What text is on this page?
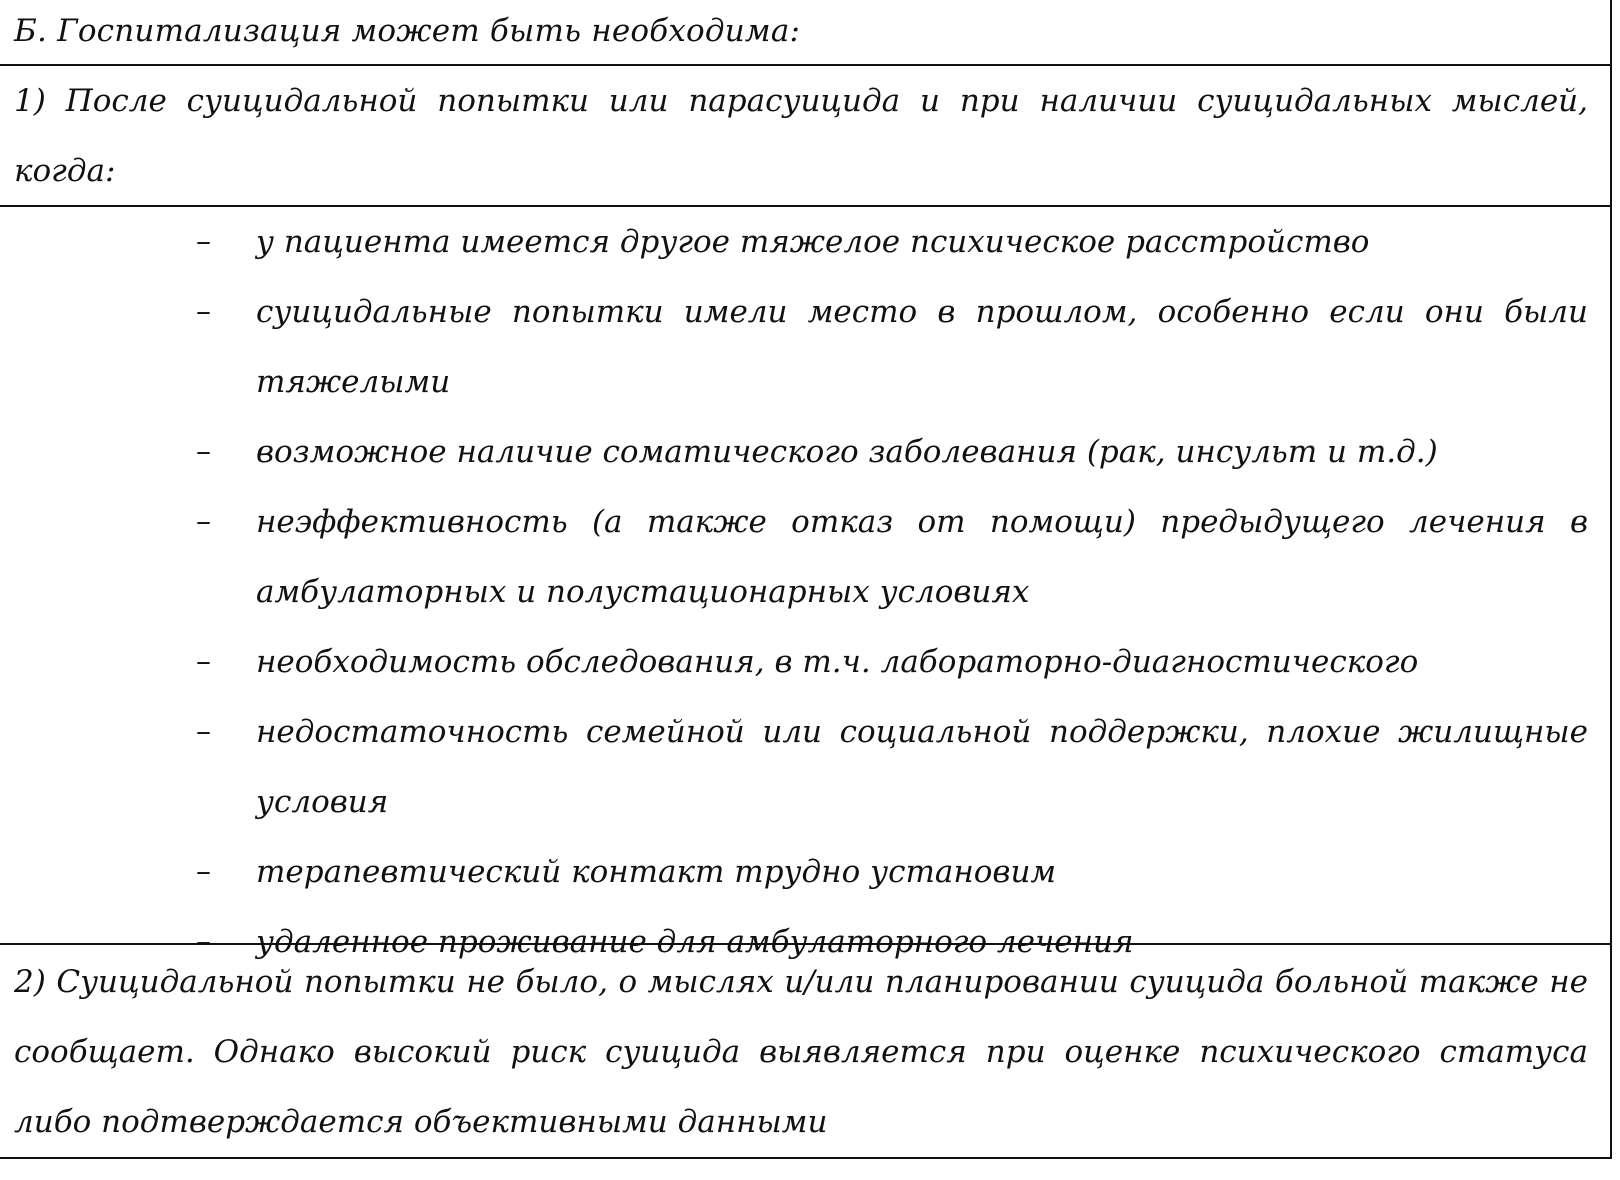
Б. Госпитализация может быть необходима:
1) После суицидальной попытки или парасуицида и при наличии суицидальных мыслей, когда:
– у пациента имеется другое тяжелое психическое расстройство
– суицидальные попытки имели место в прошлом, особенно если они были тяжелыми
– возможное наличие соматического заболевания (рак, инсульт и т.д.)
– неэффективность (а также отказ от помощи) предыдущего лечения в амбулаторных и полустационарных условиях
– необходимость обследования, в т.ч. лабораторно-диагностического
– недостаточность семейной или социальной поддержки, плохие жилищные условия
– терапевтический контакт трудно установим
– удаленное проживание для амбулаторного лечения
2) Суицидальной попытки не было, о мыслях и/или планировании суицида больной также не сообщает. Однако высокий риск суицида выявляется при оценке психического статуса либо подтверждается объективными данными
